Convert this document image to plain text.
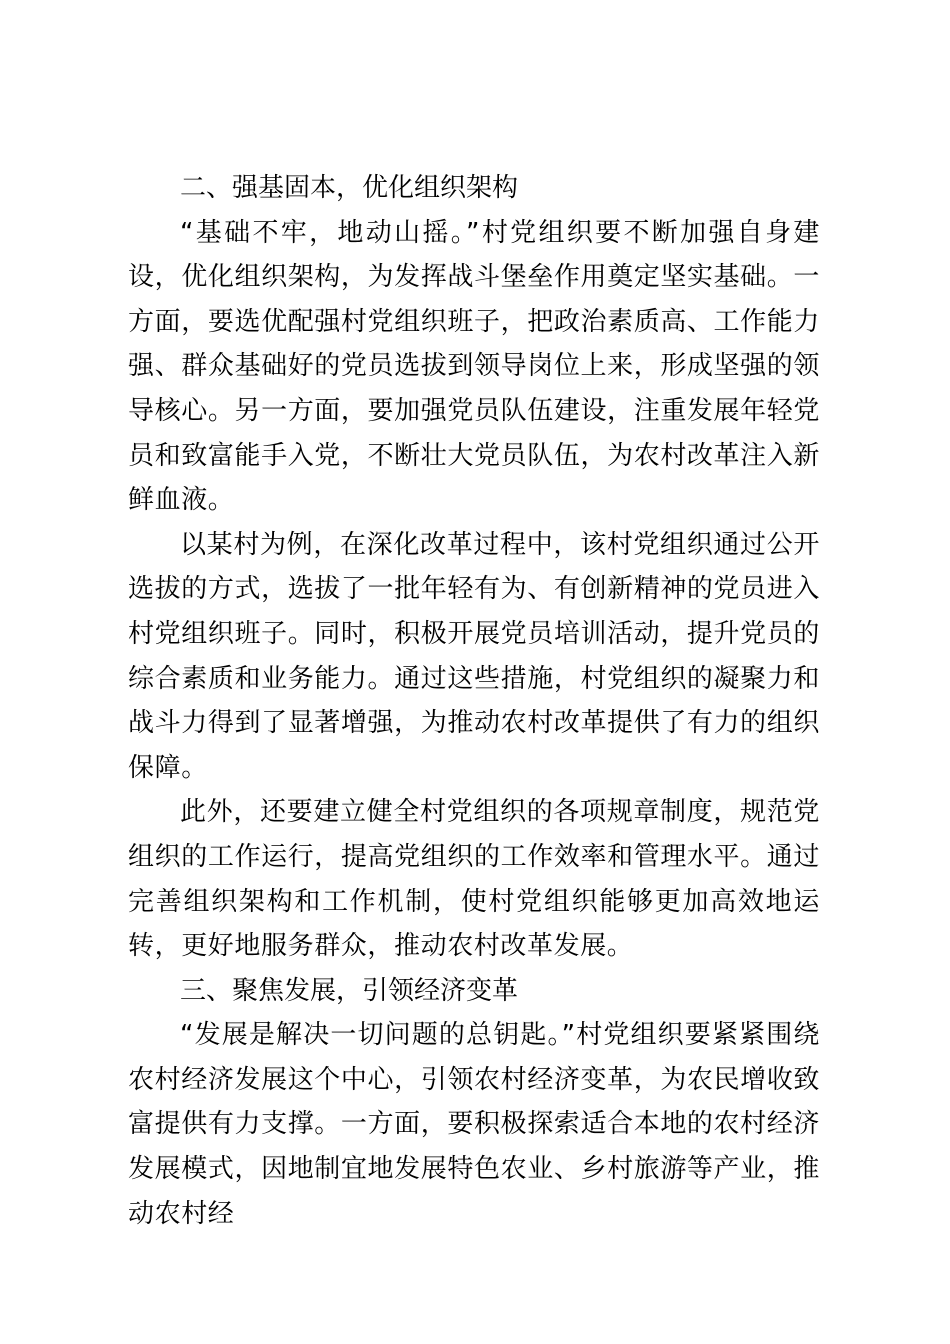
二、强基固本，优化组织架构

“基础不牢，地动山摇。”村党组织要不断加强自身建设，优化组织架构，为发挥战斗堡垒作用奠定坚实基础。一方面，要选优配强村党组织班子，把政治素质高、工作能力强、群众基础好的党员选拔到领导岗位上来，形成坚强的领导核心。另一方面，要加强党员队伍建设，注重发展年轻党员和致富能手入党，不断壮大党员队伍，为农村改革注入新鲜血液。

以某村为例，在深化改革过程中，该村党组织通过公开选拔的方式，选拔了一批年轻有为、有创新精神的党员进入村党组织班子。同时，积极开展党员培训活动，提升党员的综合素质和业务能力。通过这些措施，村党组织的凝聚力和战斗力得到了显著增强，为推动农村改革提供了有力的组织保障。

此外，还要建立健全村党组织的各项规章制度，规范党组织的工作运行，提高党组织的工作效率和管理水平。通过完善组织架构和工作机制，使村党组织能够更加高效地运转，更好地服务群众，推动农村改革发展。

三、聚焦发展，引领经济变革

“发展是解决一切问题的总钥匙。”村党组织要紧紧围绕农村经济发展这个中心，引领农村经济变革，为农民增收致富提供有力支撑。一方面，要积极探索适合本地的农村经济发展模式，因地制宜地发展特色农业、乡村旅游等产业，推动农村经
